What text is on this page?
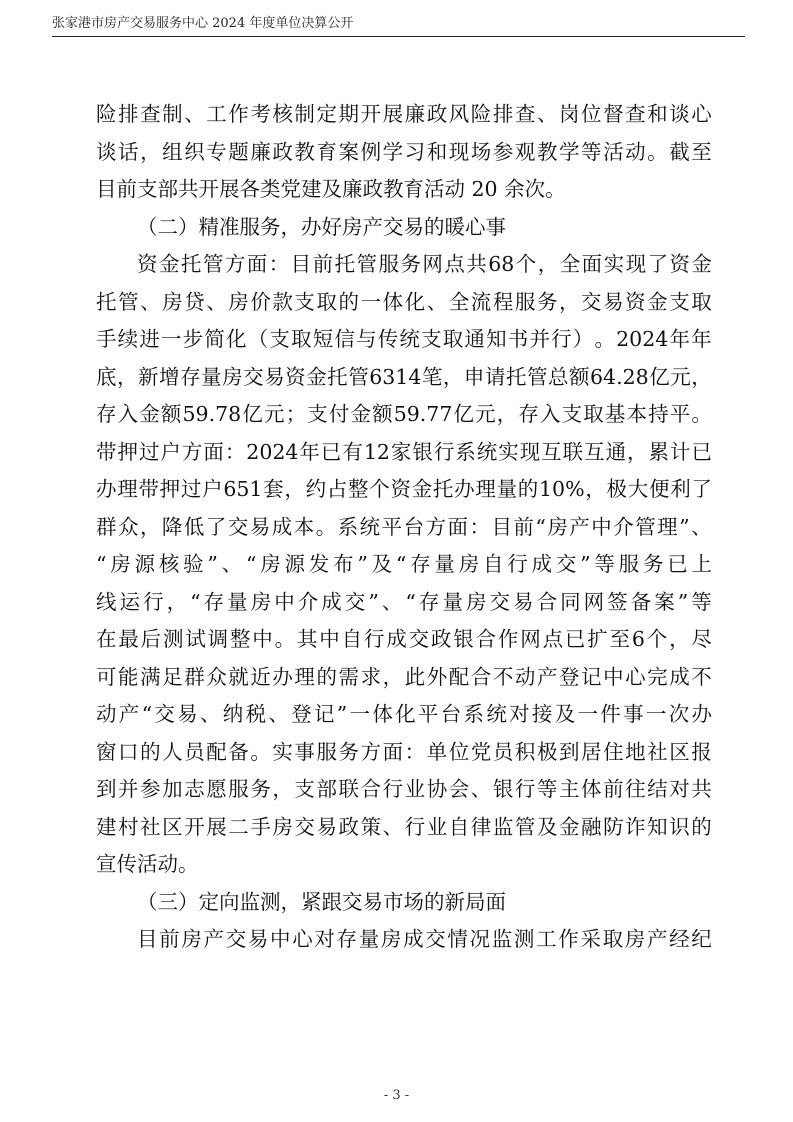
张家港市房产交易服务中心 2024 年度单位决算公开
险 排 查 制 、 工 作 考 核 制 定 期 开 展 廉 政 风 险 排 查 、 岗 位 督 查 和 谈 心
谈 话 ， 组 织 专 题 廉 政 教 育 案 例 学 习 和 现 场 参 观 教 学 等 活 动 。 截 至
目前支部共开展各类党建及廉政教育活动 20 余次。
（二）精准服务，办好房产交易的暖心事
资 金 托 管 方 面 ： 目 前 托 管 服 务 网 点 共 68 个 ， 全 面 实 现 了 资 金
托 管 、 房 贷 、 房 价 款 支 取 的 一 体 化 、 全 流 程 服 务 ， 交 易 资 金 支 取
手 续 进 一 步 简 化 （ 支 取 短 信 与 传 统 支 取 通 知 书 并 行 ） 。 2024 年 年
底 ， 新 增 存 量 房 交 易 资 金 托 管 6314 笔 ， 申 请 托 管 总 额 64.28 亿 元 ，
存 入 金 额 59.78 亿 元 ； 支 付 金 额 59.77 亿 元 ， 存 入 支 取 基 本 持 平 。
带 押 过 户 方 面 ： 2024 年 已 有 12 家 银 行 系 统 实 现 互 联 互 通 ， 累 计 已
办 理 带 押 过 户 651 套 ， 约 占 整 个 资 金 托 办 理 量 的 10% ， 极 大 便 利 了
群 众 ， 降 低 了 交 易 成 本 。 系 统 平 台 方 面 ： 目 前 “ 房 产 中 介 管 理 ” 、
“ 房 源 核 验 ” 、 “ 房 源 发 布 ” 及 “ 存 量 房 自 行 成 交 ” 等 服 务 已 上
线 运 行 ， “ 存 量 房 中 介 成 交 ” 、 “ 存 量 房 交 易 合 同 网 签 备 案 ” 等
在 最 后 测 试 调 整 中 。 其 中 自 行 成 交 政 银 合 作 网 点 已 扩 至 6 个 ， 尽
可 能 满 足 群 众 就 近 办 理 的 需 求 ， 此 外 配 合 不 动 产 登 记 中 心 完 成 不
动 产 “ 交 易 、 纳 税 、 登 记 ” 一 体 化 平 台 系 统 对 接 及 一 件 事 一 次 办
窗 口 的 人 员 配 备 。 实 事 服 务 方 面 ： 单 位 党 员 积 极 到 居 住 地 社 区 报
到 并 参 加 志 愿 服 务 ， 支 部 联 合 行 业 协 会 、 银 行 等 主 体 前 往 结 对 共
建 村 社 区 开 展 二 手 房 交 易 政 策 、 行 业 自 律 监 管 及 金 融 防 诈 知 识 的
宣传活动。
（三）定向监测，紧跟交易市场的新局面
目 前 房 产 交 易 中 心 对 存 量 房 成 交 情 况 监 测 工 作 采 取 房 产 经 纪
- 3 -
